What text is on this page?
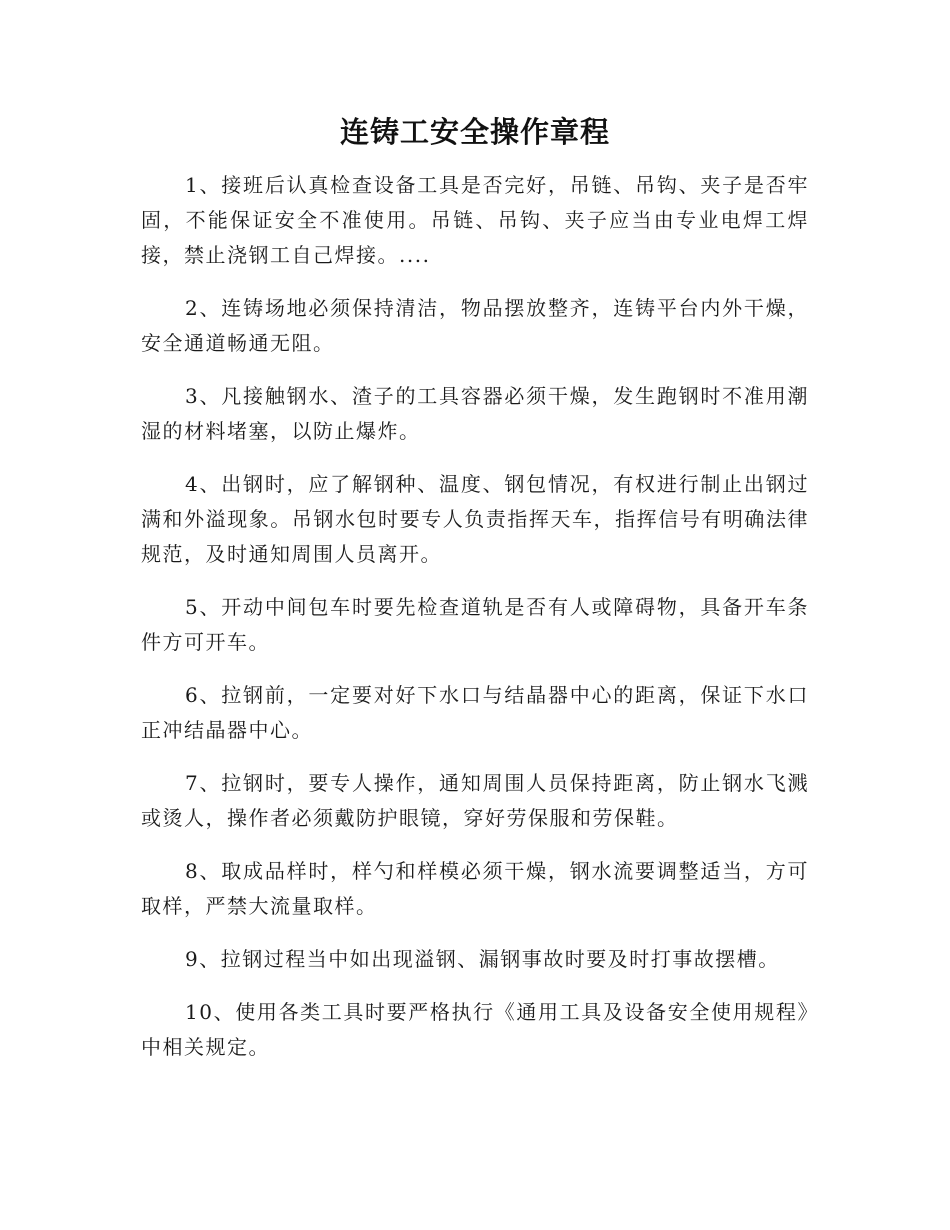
连铸工安全操作章程

1、接班后认真检查设备工具是否完好，吊链、吊钩、夹子是否牢固，不能保证安全不准使用。吊链、吊钩、夹子应当由专业电焊工焊接，禁止浇钢工自己焊接。....

2、连铸场地必须保持清洁，物品摆放整齐，连铸平台内外干燥，安全通道畅通无阻。

3、凡接触钢水、渣子的工具容器必须干燥，发生跑钢时不准用潮湿的材料堵塞，以防止爆炸。

4、出钢时，应了解钢种、温度、钢包情况，有权进行制止出钢过满和外溢现象。吊钢水包时要专人负责指挥天车，指挥信号有明确法律规范，及时通知周围人员离开。

5、开动中间包车时要先检查道轨是否有人或障碍物，具备开车条件方可开车。

6、拉钢前，一定要对好下水口与结晶器中心的距离，保证下水口正冲结晶器中心。

7、拉钢时，要专人操作，通知周围人员保持距离，防止钢水飞溅或烫人，操作者必须戴防护眼镜，穿好劳保服和劳保鞋。

8、取成品样时，样勺和样模必须干燥，钢水流要调整适当，方可取样，严禁大流量取样。

9、拉钢过程当中如出现溢钢、漏钢事故时要及时打事故摆槽。

10、使用各类工具时要严格执行《通用工具及设备安全使用规程》中相关规定。
